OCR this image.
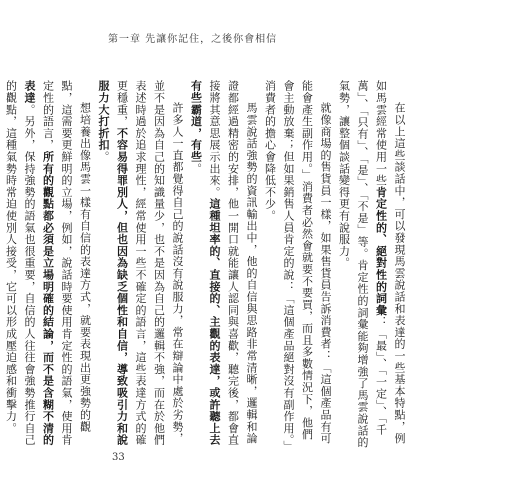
第一章 先讓你記住，之後你會相信

在以上這些談話中，可以發現馬雲說話和表達的一些基本特點，例如馬雲經常使用一些肯定性的、絕對性的詞彙：「最」、「一定」、「千萬」、「只有」、「是」、「不是」等。肯定性的詞彙能夠增強了馬雲說話的氣勢，讓整個談話變得更有說服力。

就像商場的售貨員一樣，如果售貨員告訴消費者：「這個產品有可能會產生副作用。」消費者必然會就要不要買，而且多數情況下，他們會主動放棄；但如果銷售人員肯定的說：「這個產品絕對沒有副作用。」消費者的擔心會降低不少。

馬雲說話強勢的資訊輸出中，他的自信與思路非常清晰，邏輯和論證都經過精密的安排，他一開口就能讓人認同與喜歡，聽完後，都會直接將其意思展示出來。這種坦率的、直接的、主觀的表達，或許聽上去有些霸道，有些。

許多人一直都覺得自己的說話沒有說服力，常在辯論中處於劣勢，並不是因為自己的知識量少，也不是因為自己的邏輯不強，而在於他們表述時過於追求理性，經常使用一些不確定的語言，這些表達方式的確更穩重，不容易得罪別人，但也因為缺乏個性和自信，導致吸引力和說服力大打折扣。

想培養出像馬雲一樣有自信的表達方式，就要表現出更強勢的觀點，這需要更鮮明的立場，例如，說話時要使用肯定性的語氣，使用肯定性的語言，所有的觀點都必須是立場明確的結論，而不是含糊不清的表達。另外，保持強勢的語氣也很重要，自信的人往往會強勢推行自己的觀點，這種氣勢時常迫使別人接受，它可以形成壓迫感和衝擊力。

33
